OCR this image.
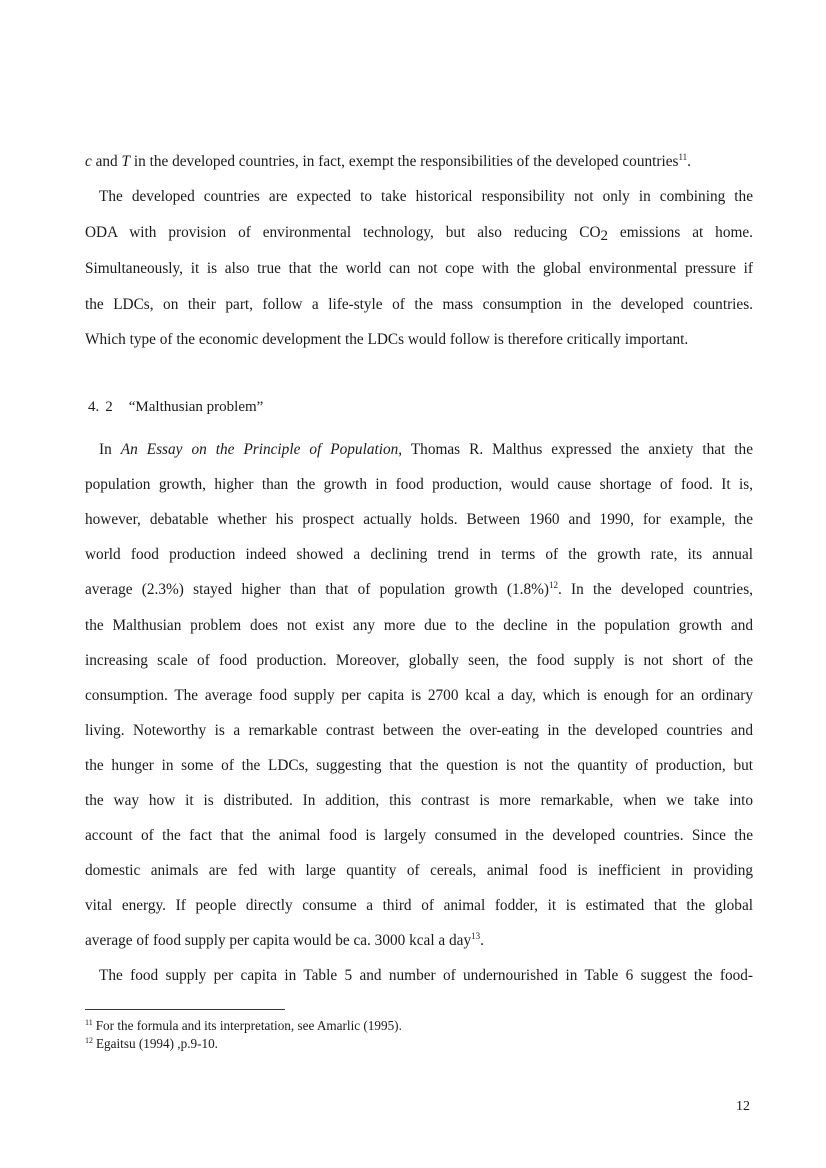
c and T in the developed countries, in fact, exempt the responsibilities of the developed countries$^{11}$.
The developed countries are expected to take historical responsibility not only in combining the
ODA with provision of environmental technology, but also reducing CO2 emissions at home.
Simultaneously, it is also true that the world can not cope with the global environmental pressure if
the LDCs, on their part, follow a life-style of the mass consumption in the developed countries.
Which type of the economic development the LDCs would follow is therefore critically important.
4. 2 “Malthusian problem”
In An Essay on the Principle of Population, Thomas R. Malthus expressed the anxiety that the
population growth, higher than the growth in food production, would cause shortage of food. It is,
however, debatable whether his prospect actually holds. Between 1960 and 1990, for example, the
world food production indeed showed a declining trend in terms of the growth rate, its annual
average (2.3%) stayed higher than that of population growth $(1.8\%)^{12}$. In the developed countries,
the Malthusian problem does not exist any more due to the decline in the population growth and
increasing scale of food production. Moreover, globally seen, the food supply is not short of the
consumption. The average food supply per capita is 2700 kcal a day, which is enough for an ordinary
living. Noteworthy is a remarkable contrast between the over-eating in the developed countries and
the hunger in some of the LDCs, suggesting that the question is not the quantity of production, but
the way how it is distributed. In addition, this contrast is more remarkable, when we take into
account of the fact that the animal food is largely consumed in the developed countries. Since the
domestic animals are fed with large quantity of cereals, animal food is inefficient in providing
vital energy. If people directly consume a third of animal fodder, it is estimated that the global
average of food supply per capita would be ca. 3000 kcal a day$^{13}$.
The food supply per capita in Table 5 and number of undernourished in Table 6 suggest the food-
$^{11}$ For the formula and its interpretation, see Amarlic (1995).
$^{12}$ Egaitsu (1994) ,p.9-10.
12
